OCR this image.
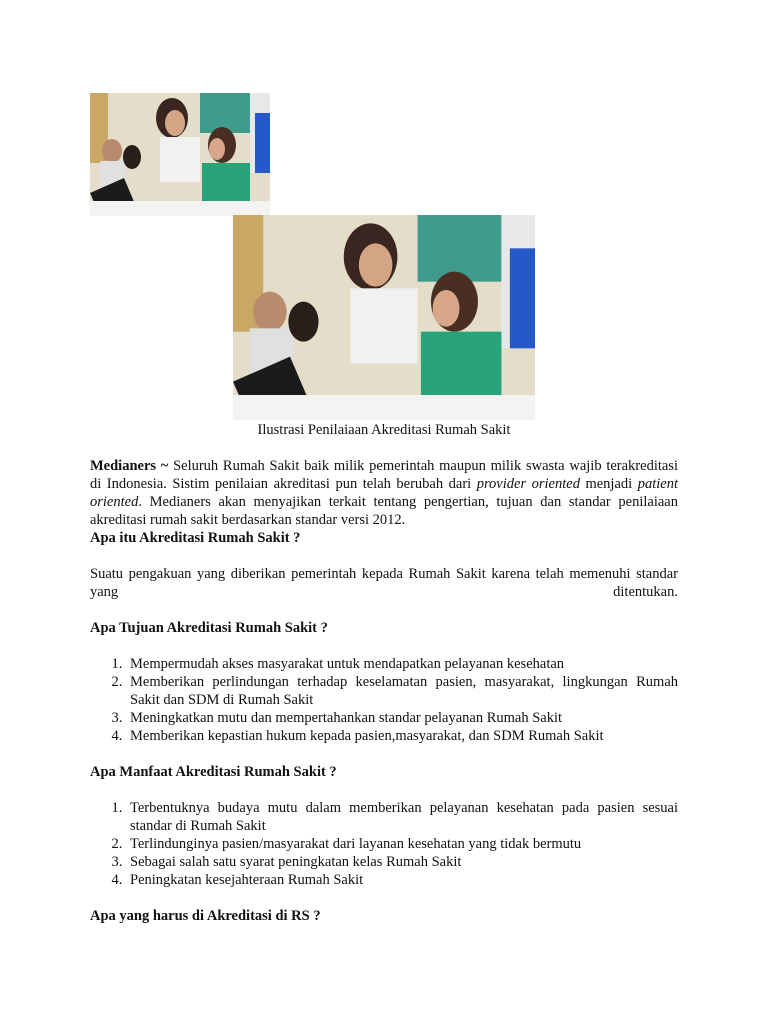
Ilustrasi Penilaiaan Akreditasi Rumah Sakit

Medianers ~ Seluruh Rumah Sakit baik milik pemerintah maupun milik swasta wajib terakreditasi di Indonesia. Sistim penilaian akreditasi pun telah berubah dari provider oriented menjadi patient oriented. Medianers akan menyajikan terkait tentang pengertian, tujuan dan standar penilaiaan akreditasi rumah sakit berdasarkan standar versi 2012.

Apa itu Akreditasi Rumah Sakit ?

Suatu pengakuan yang diberikan pemerintah kepada Rumah Sakit karena telah memenuhi standar yang ditentukan.

Apa Tujuan Akreditasi Rumah Sakit ?

1. Mempermudah akses masyarakat untuk mendapatkan pelayanan kesehatan
2. Memberikan perlindungan terhadap keselamatan pasien, masyarakat, lingkungan Rumah Sakit dan SDM di Rumah Sakit
3. Meningkatkan mutu dan mempertahankan standar pelayanan Rumah Sakit
4. Memberikan kepastian hukum kepada pasien,masyarakat, dan SDM Rumah Sakit

Apa Manfaat Akreditasi Rumah Sakit ?

1. Terbentuknya budaya mutu dalam memberikan pelayanan kesehatan pada pasien sesuai standar di Rumah Sakit
2. Terlindunginya pasien/masyarakat dari layanan kesehatan yang tidak bermutu
3. Sebagai salah satu syarat peningkatan kelas Rumah Sakit
4. Peningkatan kesejahteraan Rumah Sakit

Apa yang harus di Akreditasi di RS ?
